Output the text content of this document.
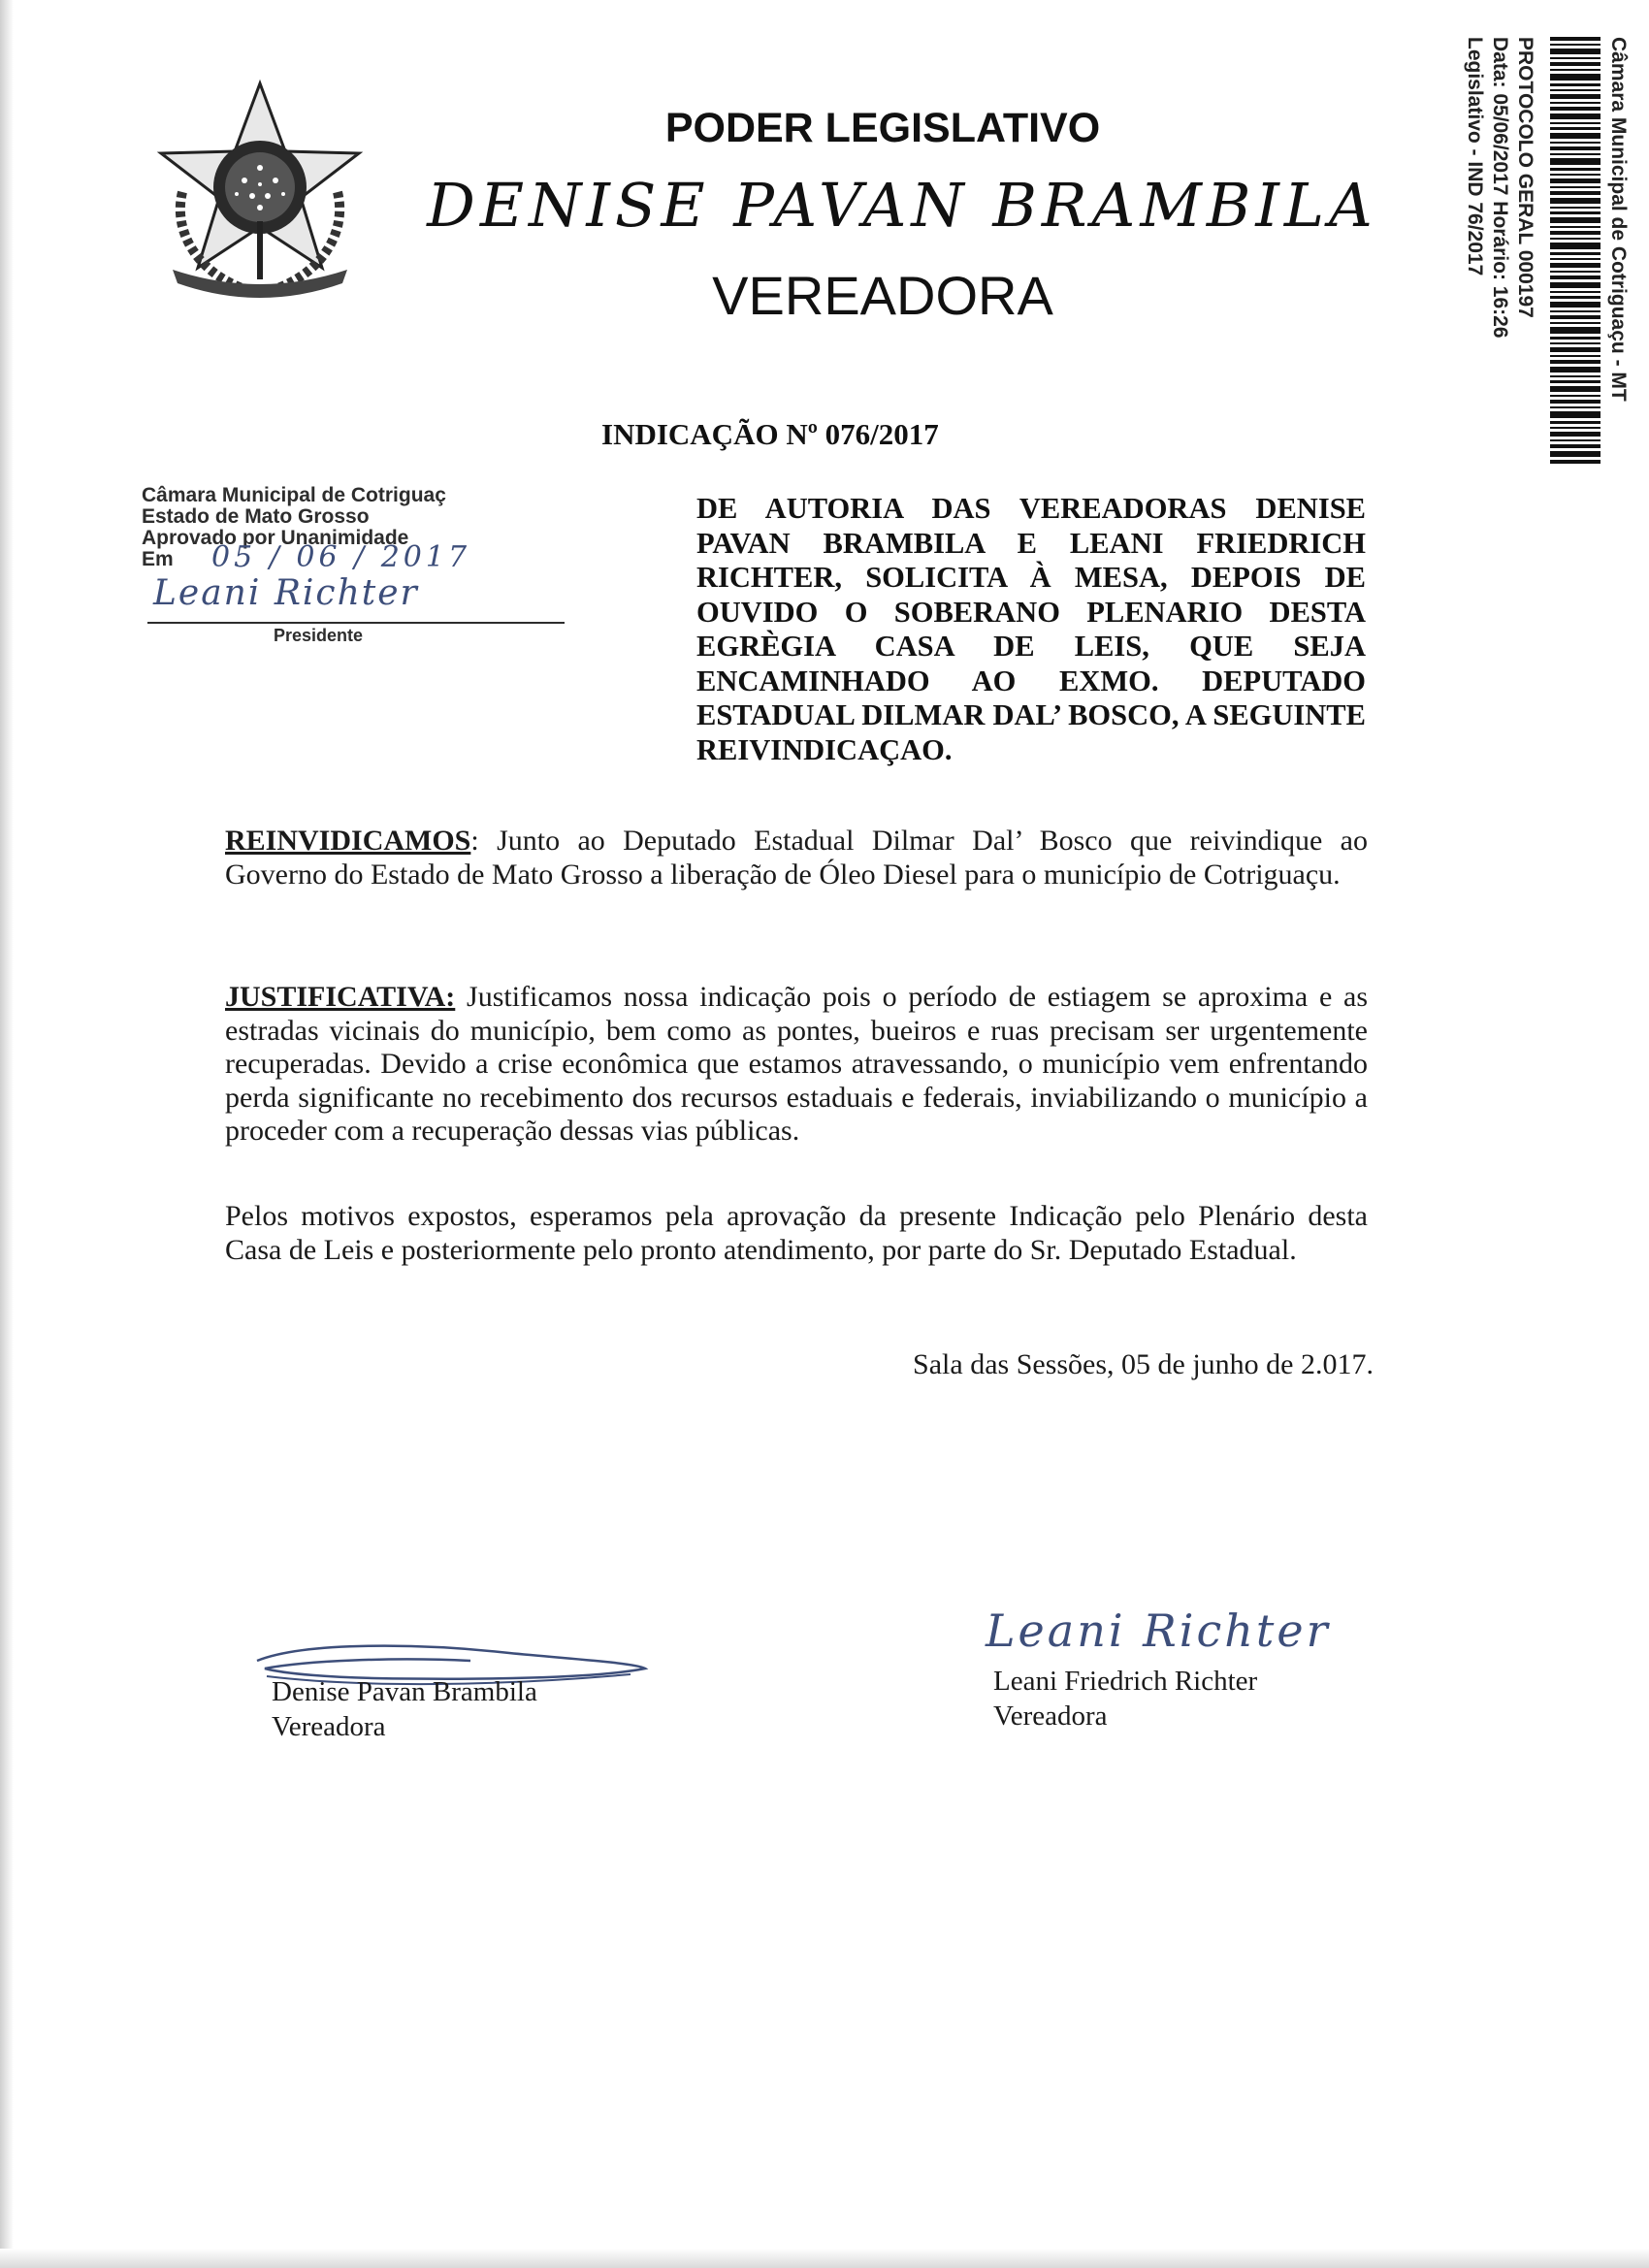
PODER LEGISLATIVO
DENISE PAVAN BRAMBILA
VEREADORA	Câmara Municipal de Cotriguaçu - MT
PROTOCOLO GERAL 000197
Data: 05/06/2017 Horário: 16:26
Legislativo - IND 76/2017
INDICAÇÃO Nº 076/2017
Câmara Municipal de Cotriguaç
Estado de Mato Grosso
Aprovado por Unanimidade
Em 05 / 06 / 2017
Leani Richter
Presidente
DE AUTORIA DAS VEREADORAS DENISE PAVAN BRAMBILA E LEANI FRIEDRICH RICHTER, SOLICITA À MESA, DEPOIS DE OUVIDO O SOBERANO PLENARIO DESTA EGRÈGIA CASA DE LEIS, QUE SEJA ENCAMINHADO AO EXMO. DEPUTADO ESTADUAL DILMAR DAL’ BOSCO, A SEGUINTE REIVINDICAÇAO.
REINVIDICAMOS: Junto ao Deputado Estadual Dilmar Dal’ Bosco que reivindique ao Governo do Estado de Mato Grosso a liberação de Óleo Diesel para o município de Cotriguaçu.
JUSTIFICATIVA: Justificamos nossa indicação pois o período de estiagem se aproxima e as estradas vicinais do município, bem como as pontes, bueiros e ruas precisam ser urgentemente recuperadas. Devido a crise econômica que estamos atravessando, o município vem enfrentando perda significante no recebimento dos recursos estaduais e federais, inviabilizando o município a proceder com a recuperação dessas vias públicas.
Pelos motivos expostos, esperamos pela aprovação da presente Indicação pelo Plenário desta Casa de Leis e posteriormente pelo pronto atendimento, por parte do Sr. Deputado Estadual.
Sala das Sessões, 05 de junho de 2.017.
Denise Pavan Brambila
Vereadora
Leani Richter
Leani Friedrich Richter
Vereadora
